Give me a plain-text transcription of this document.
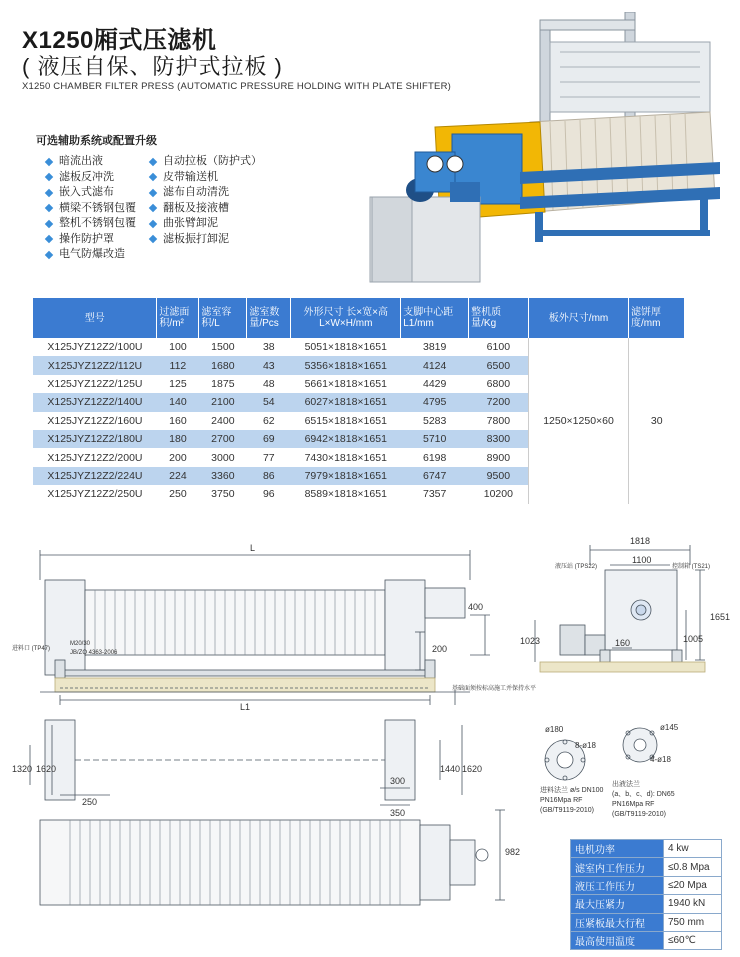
X1250厢式压滤机
( 液压自保、防护式拉板 )
X1250 CHAMBER FILTER PRESS (AUTOMATIC PRESSURE HOLDING WITH PLATE SHIFTER)
可选辅助系统或配置升级
暗流出液
滤板反冲洗
嵌入式滤布
横梁不锈钢包覆
整机不锈钢包覆
操作防护罩
电气防爆改造
自动拉板（防护式）
皮带输送机
滤布自动清洗
翻板及接液槽
曲张臂卸泥
滤板振打卸泥
型号	过滤面积/m²	滤室容积/L	滤室数量/Pcs	外形尺寸 长×宽×高 L×W×H/mm	支脚中心距 L1/mm	整机质量/Kg	板外尺寸/mm	滤饼厚度/mm
X125JYZ12Z2/100U	100	1500	38	5051×1818×1651	3819	6100	1250×1250×60	30
X125JYZ12Z2/112U	112	1680	43	5356×1818×1651	4124	6500		
X125JYZ12Z2/125U	125	1875	48	5661×1818×1651	4429	6800		
X125JYZ12Z2/140U	140	2100	54	6027×1818×1651	4795	7200		
X125JYZ12Z2/160U	160	2400	62	6515×1818×1651	5283	7800		
X125JYZ12Z2/180U	180	2700	69	6942×1818×1651	5710	8300		
X125JYZ12Z2/200U	200	3000	77	7430×1818×1651	6198	8900		
X125JYZ12Z2/224U	224	3360	86	7979×1818×1651	6747	9500		
X125JYZ12Z2/250U	250	3750	96	8589×1818×1651	7357	10200		
L
L1
400
200
1818
1100
1651
1005
1023	160
1320 1620	1440 1620
300
350
250
982
ø180	ø145
8-ø18
4-ø18
进料法兰 ø/s DN100
PN16Mpa RF
(GB/T9119-2010)
出液法兰
(a、b、c、d): DN65
PN16Mpa RF
(GB/T9119-2010)
基础面须按标高施工并保持水平
M20/30
JB/ZQ 4363-2006
液压站 (TPS22)	控制箱 (TS21)
进料口 (TP47)
电机功率	4 kw
滤室内工作压力	≤0.8 Mpa
液压工作压力	≤20 Mpa
最大压紧力	1940 kN
压紧板最大行程	750 mm
最高使用温度	≤60℃
